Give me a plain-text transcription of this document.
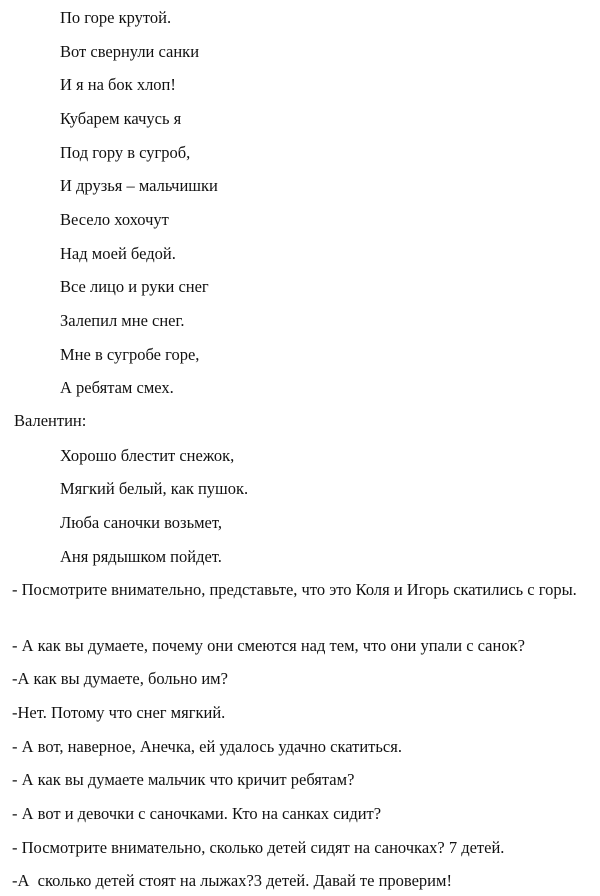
По горе крутой.
Вот свернули санки
И я на бок хлоп!
Кубарем качусь я
Под гору в сугроб,
И друзья – мальчишки
Весело хохочут
Над моей бедой.
Все лицо и руки снег
Залепил мне снег.
Мне в сугробе горе,
А ребятам смех.
Валентин:
Хорошо блестит снежок,
Мягкий белый, как пушок.
Люба саночки возьмет,
Аня рядышком пойдет.
- Посмотрите внимательно, представьте, что это Коля и Игорь скатились с горы.
- А как вы думаете, почему они смеются над тем, что они упали с санок?
-А как вы думаете, больно им?
-Нет. Потому что снег мягкий.
- А вот, наверное, Анечка, ей удалось удачно скатиться.
- А как вы думаете мальчик что кричит ребятам?
- А вот и девочки с саночками. Кто на санках сидит?
- Посмотрите внимательно, сколько детей сидят на саночках? 7 детей.
-А  сколько детей стоят на лыжах?3 детей. Давай те проверим!
